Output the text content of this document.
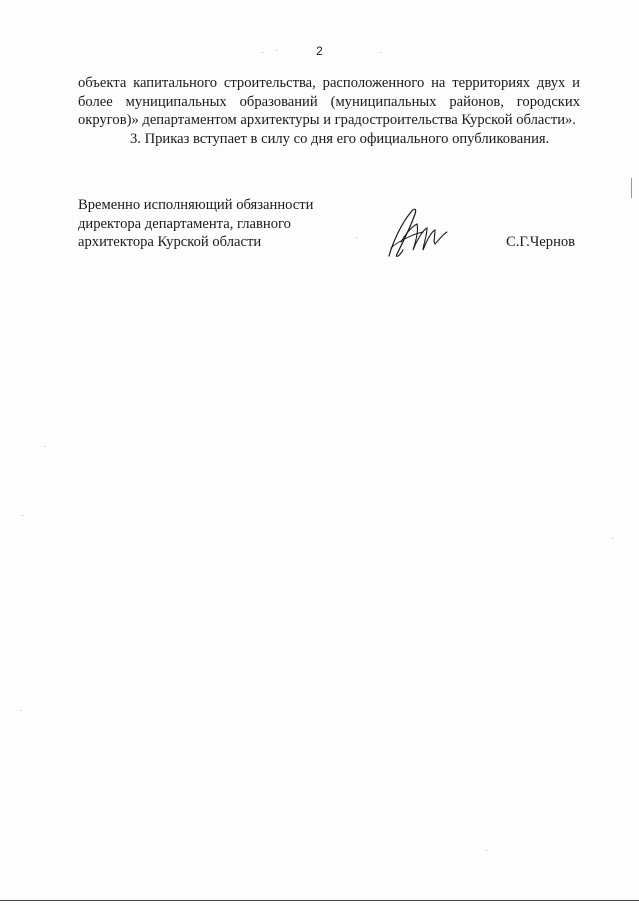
2

объекта капитального строительства, расположенного на территориях двух и более муниципальных образований (муниципальных районов, городских округов)» департаментом архитектуры и градостроительства Курской области».

3. Приказ вступает в силу со дня его официального опубликования.

Временно исполняющий обязанности
директора департамента, главного
архитектора Курской области	С.Г.Чернов
